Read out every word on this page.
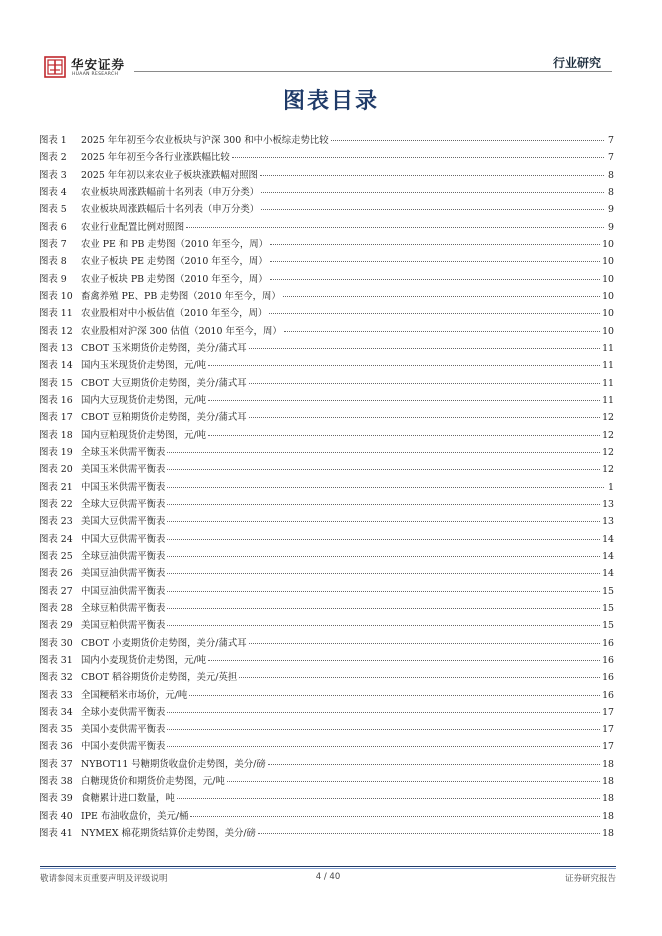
华安证券
HUAAN RESEARCH
行业研究
图表目录
图表 1	2025 年年初至今农业板块与沪深 300 和中小板综走势比较	7
图表 2	2025 年年初至今各行业涨跌幅比较	7
图表 3	2025 年年初以来农业子板块涨跌幅对照图	8
图表 4	农业板块周涨跌幅前十名列表（申万分类）	8
图表 5	农业板块周涨跌幅后十名列表（申万分类）	9
图表 6	农业行业配置比例对照图	9
图表 7	农业 PE 和 PB 走势图（2010 年至今，周）	10
图表 8	农业子板块 PE 走势图（2010 年至今，周）	10
图表 9	农业子板块 PB 走势图（2010 年至今，周）	10
图表 10 畜禽养殖 PE、PB 走势图（2010 年至今，周）	10
图表 11 农业股相对中小板估值（2010 年至今，周）	10
图表 12 农业股相对沪深 300 估值（2010 年至今，周）	10
图表 13 CBOT 玉米期货价走势图，美分/蒲式耳	11
图表 14 国内玉米现货价走势图，元/吨	11
图表 15 CBOT 大豆期货价走势图，美分/蒲式耳	11
图表 16 国内大豆现货价走势图，元/吨	11
图表 17 CBOT 豆粕期货价走势图，美分/蒲式耳	12
图表 18 国内豆粕现货价走势图，元/吨	12
图表 19 全球玉米供需平衡表	12
图表 20 美国玉米供需平衡表	12
图表 21 中国玉米供需平衡表	1
图表 22 全球大豆供需平衡表	13
图表 23 美国大豆供需平衡表	13
图表 24 中国大豆供需平衡表	14
图表 25 全球豆油供需平衡表	14
图表 26 美国豆油供需平衡表	14
图表 27 中国豆油供需平衡表	15
图表 28 全球豆粕供需平衡表	15
图表 29 美国豆粕供需平衡表	15
图表 30 CBOT 小麦期货价走势图，美分/蒲式耳	16
图表 31 国内小麦现货价走势图，元/吨	16
图表 32 CBOT 稻谷期货价走势图，美元/英担	16
图表 33 全国粳稻米市场价，元/吨	16
图表 34 全球小麦供需平衡表	17
图表 35 美国小麦供需平衡表	17
图表 36 中国小麦供需平衡表	17
图表 37 NYBOT11 号糖期货收盘价走势图，美分/磅	18
图表 38 白糖现货价和期货价走势图，元/吨	18
图表 39 食糖累计进口数量，吨	18
图表 40 IPE 布油收盘价，美元/桶	18
图表 41 NYMEX 棉花期货结算价走势图，美分/磅	18
敬请参阅末页重要声明及评级说明	4 / 40	证券研究报告
